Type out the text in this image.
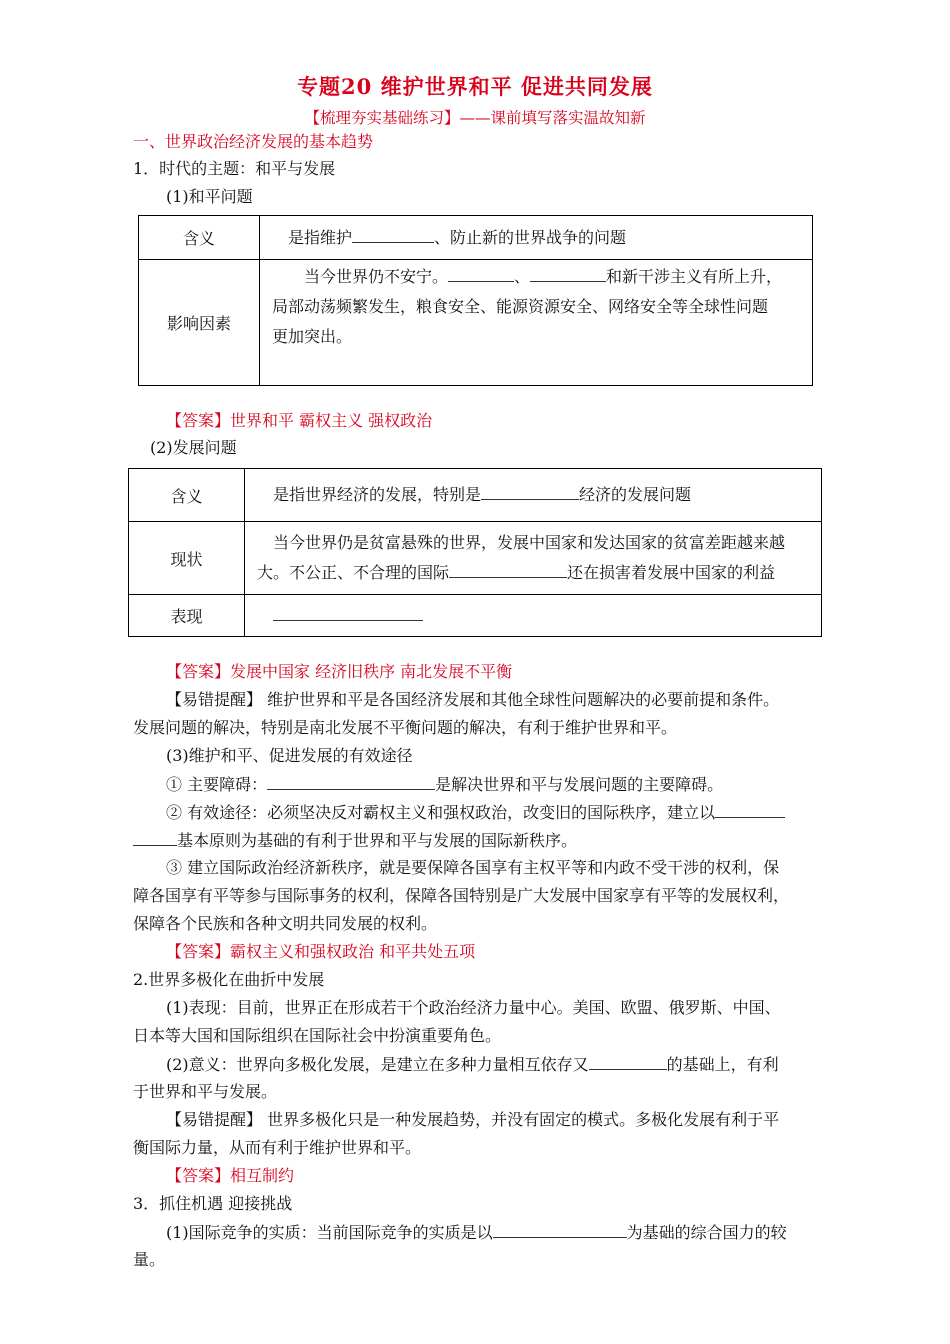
专题20 维护世界和平 促进共同发展
【梳理夯实基础练习】——课前填写落实温故知新
一、世界政治经济发展的基本趋势
1．时代的主题：和平与发展
(1)和平问题
含义	是指维护 、防止新的世界战争的问题

影响因素	当今世界仍不安宁。 、 和新干涉主义有所上升，
局部动荡频繁发生，粮食安全、能源资源安全、网络安全等全球性问题
更加突出。
【答案】世界和平 霸权主义 强权政治
(2)发展问题
含义	是指世界经济的发展，特别是 经济的发展问题

现状	当今世界仍是贫富悬殊的世界，发展中国家和发达国家的贫富差距越来越
大。不公正、不合理的国际 还在损害着发展中国家的利益

表现	
【答案】发展中国家 经济旧秩序 南北发展不平衡
【易错提醒】 维护世界和平是各国经济发展和其他全球性问题解决的必要前提和条件。
发展问题的解决，特别是南北发展不平衡问题的解决，有利于维护世界和平。
(3)维护和平、促进发展的有效途径
① 主要障碍：	是解决世界和平与发展问题的主要障碍。
② 有效途径：必须坚决反对霸权主义和强权政治，改变旧的国际秩序，建立以
基本原则为基础的有利于世界和平与发展的国际新秩序。
③ 建立国际政治经济新秩序，就是要保障各国享有主权平等和内政不受干涉的权利，保
障各国享有平等参与国际事务的权利，保障各国特别是广大发展中国家享有平等的发展权利，
保障各个民族和各种文明共同发展的权利。
【答案】霸权主义和强权政治 和平共处五项
2.世界多极化在曲折中发展
(1)表现：目前，世界正在形成若干个政治经济力量中心。美国、欧盟、俄罗斯、中国、
日本等大国和国际组织在国际社会中扮演重要角色。
(2)意义：世界向多极化发展，是建立在多种力量相互依存又	的基础上，有利
于世界和平与发展。
【易错提醒】 世界多极化只是一种发展趋势，并没有固定的模式。多极化发展有利于平
衡国际力量，从而有利于维护世界和平。
【答案】相互制约
3．抓住机遇 迎接挑战
(1)国际竞争的实质：当前国际竞争的实质是以	为基础的综合国力的较
量。
